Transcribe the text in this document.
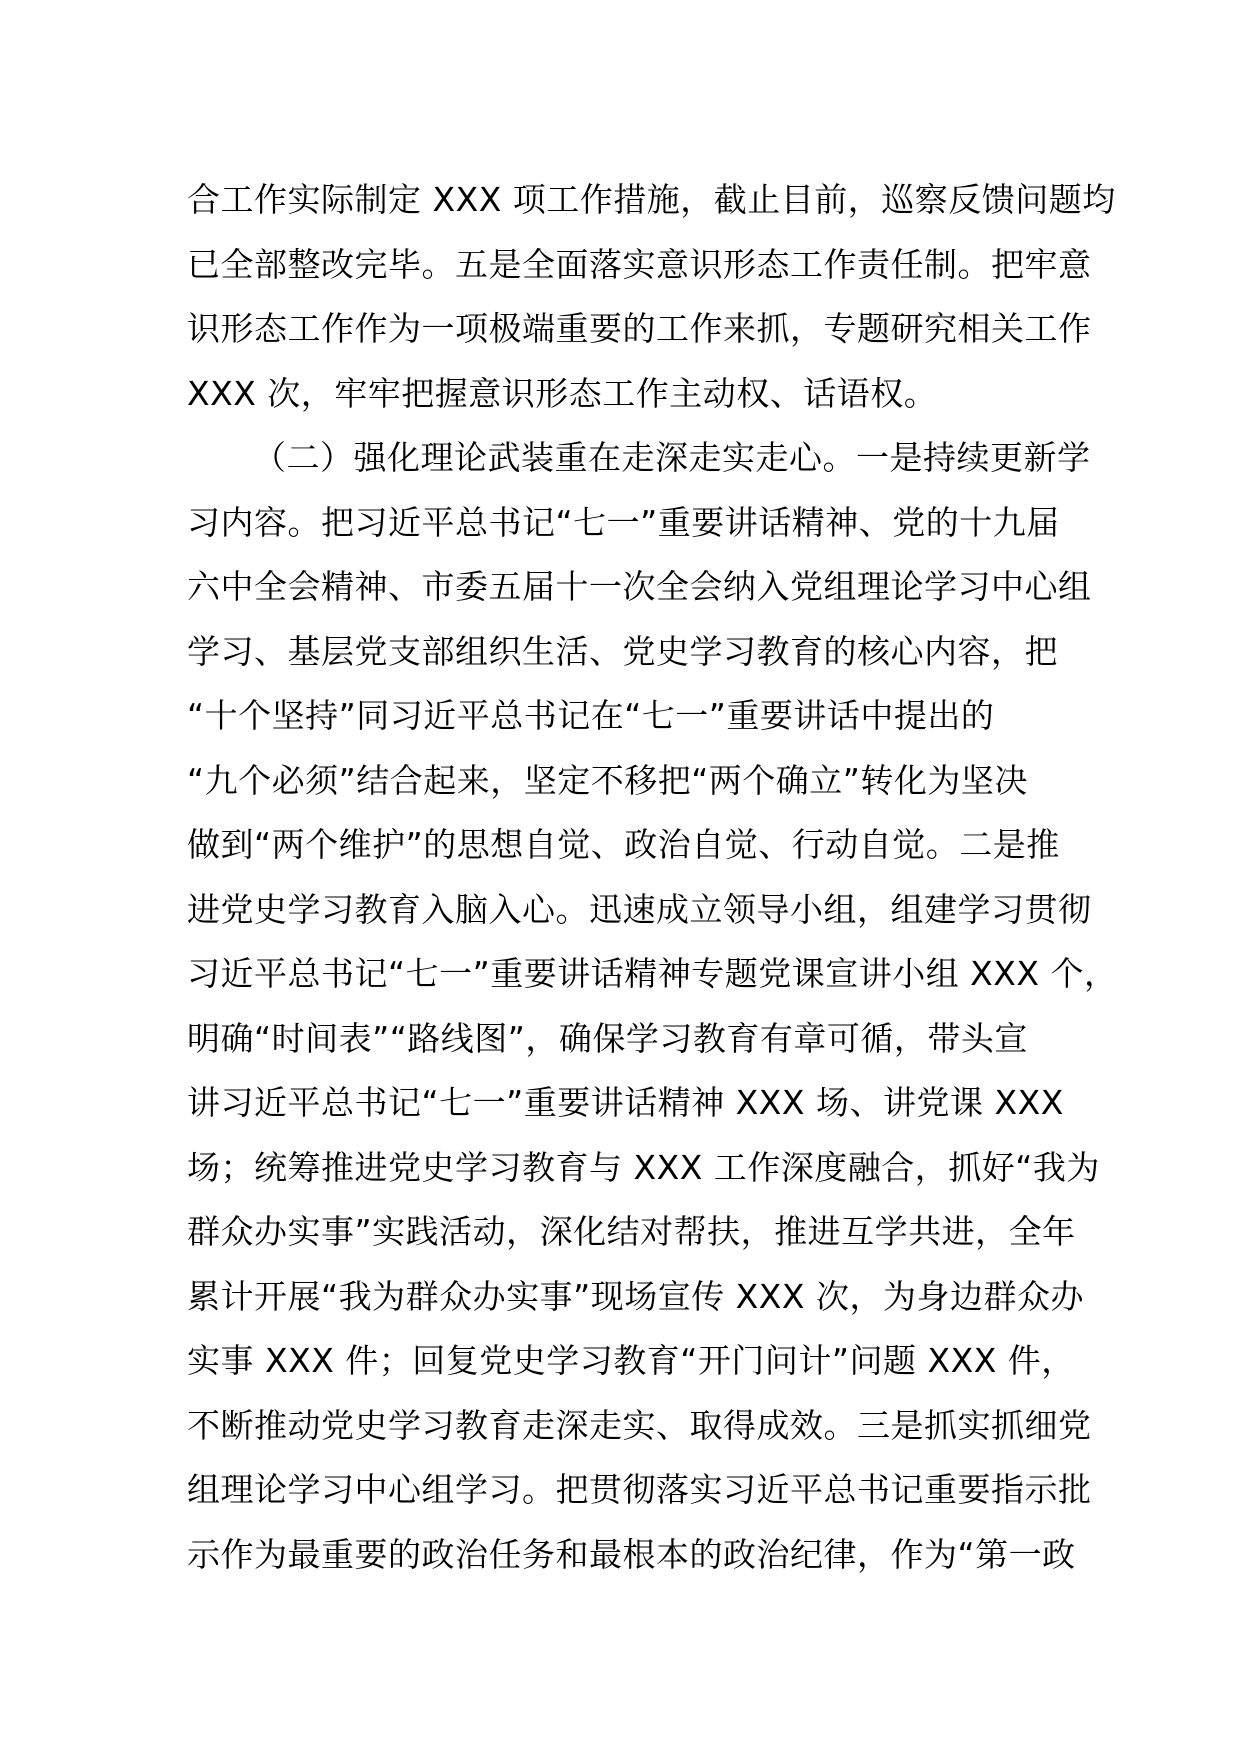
合工作实际制定 XXX 项工作措施，截止目前，巡察反馈问题均
已全部整改完毕。五是全面落实意识形态工作责任制。把牢意
识形态工作作为一项极端重要的工作来抓，专题研究相关工作
XXX 次，牢牢把握意识形态工作主动权、话语权。
（二）强化理论武装重在走深走实走心。一是持续更新学
习内容。把习近平总书记“七一”重要讲话精神、党的十九届
六中全会精神、市委五届十一次全会纳入党组理论学习中心组
学习、基层党支部组织生活、党史学习教育的核心内容，把
“十个坚持”同习近平总书记在“七一”重要讲话中提出的
“九个必须”结合起来，坚定不移把“两个确立”转化为坚决
做到“两个维护”的思想自觉、政治自觉、行动自觉。二是推
进党史学习教育入脑入心。迅速成立领导小组，组建学习贯彻
习近平总书记“七一”重要讲话精神专题党课宣讲小组 XXX 个，
明确“时间表”“路线图”，确保学习教育有章可循，带头宣
讲习近平总书记“七一”重要讲话精神 XXX 场、讲党课 XXX
场；统筹推进党史学习教育与 XXX 工作深度融合，抓好“我为
群众办实事”实践活动，深化结对帮扶，推进互学共进，全年
累计开展“我为群众办实事”现场宣传 XXX 次，为身边群众办
实事 XXX 件；回复党史学习教育“开门问计”问题 XXX 件，
不断推动党史学习教育走深走实、取得成效。三是抓实抓细党
组理论学习中心组学习。把贯彻落实习近平总书记重要指示批
示作为最重要的政治任务和最根本的政治纪律，作为“第一政
